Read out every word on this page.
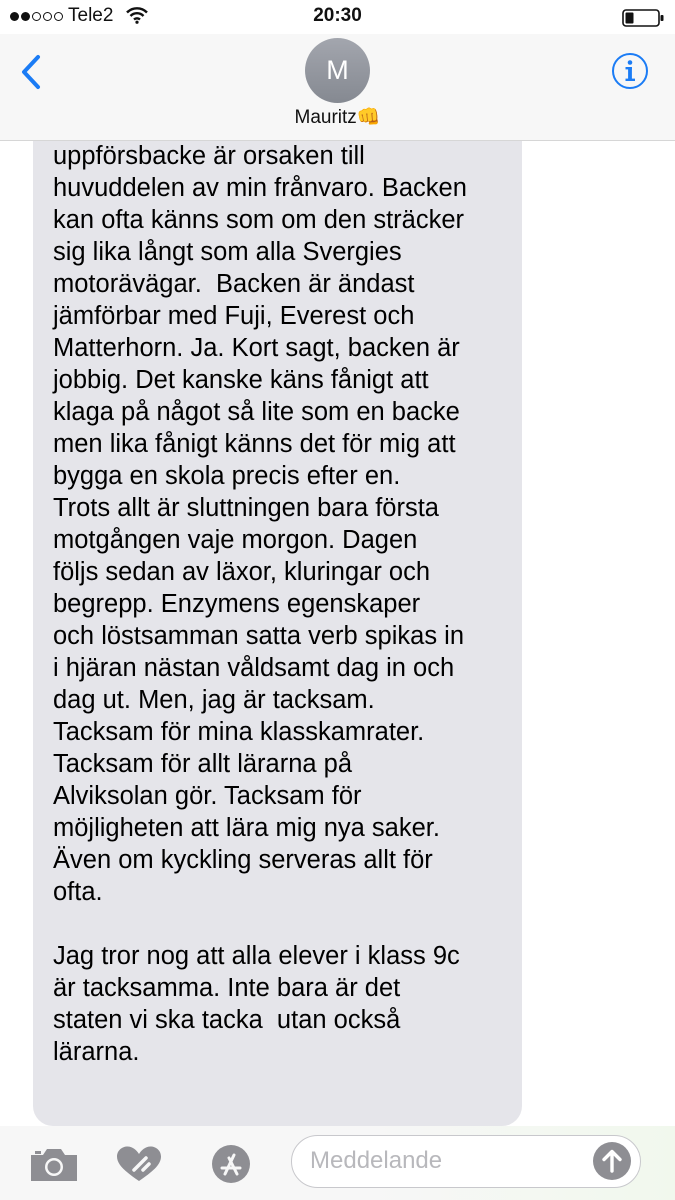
Tele2	20:30
M
Mauritz👊

uppförsbacke är orsaken till
huvuddelen av min frånvaro. Backen
kan ofta känns som om den sträcker
sig lika långt som alla Svergies
motorävägar.  Backen är ändast
jämförbar med Fuji, Everest och
Matterhorn. Ja. Kort sagt, backen är
jobbig. Det kanske käns fånigt att
klaga på något så lite som en backe
men lika fånigt känns det för mig att
bygga en skola precis efter en.
Trots allt är sluttningen bara första
motgången vaje morgon. Dagen
följs sedan av läxor, kluringar och
begrepp. Enzymens egenskaper
och löstsamman satta verb spikas in
i hjäran nästan våldsamt dag in och
dag ut. Men, jag är tacksam.
Tacksam för mina klasskamrater.
Tacksam för allt lärarna på
Alviksolan gör. Tacksam för
möjligheten att lära mig nya saker.
Även om kyckling serveras allt för
ofta.

Jag tror nog att alla elever i klass 9c
är tacksamma. Inte bara är det
staten vi ska tacka  utan också
lärarna.

Meddelande
